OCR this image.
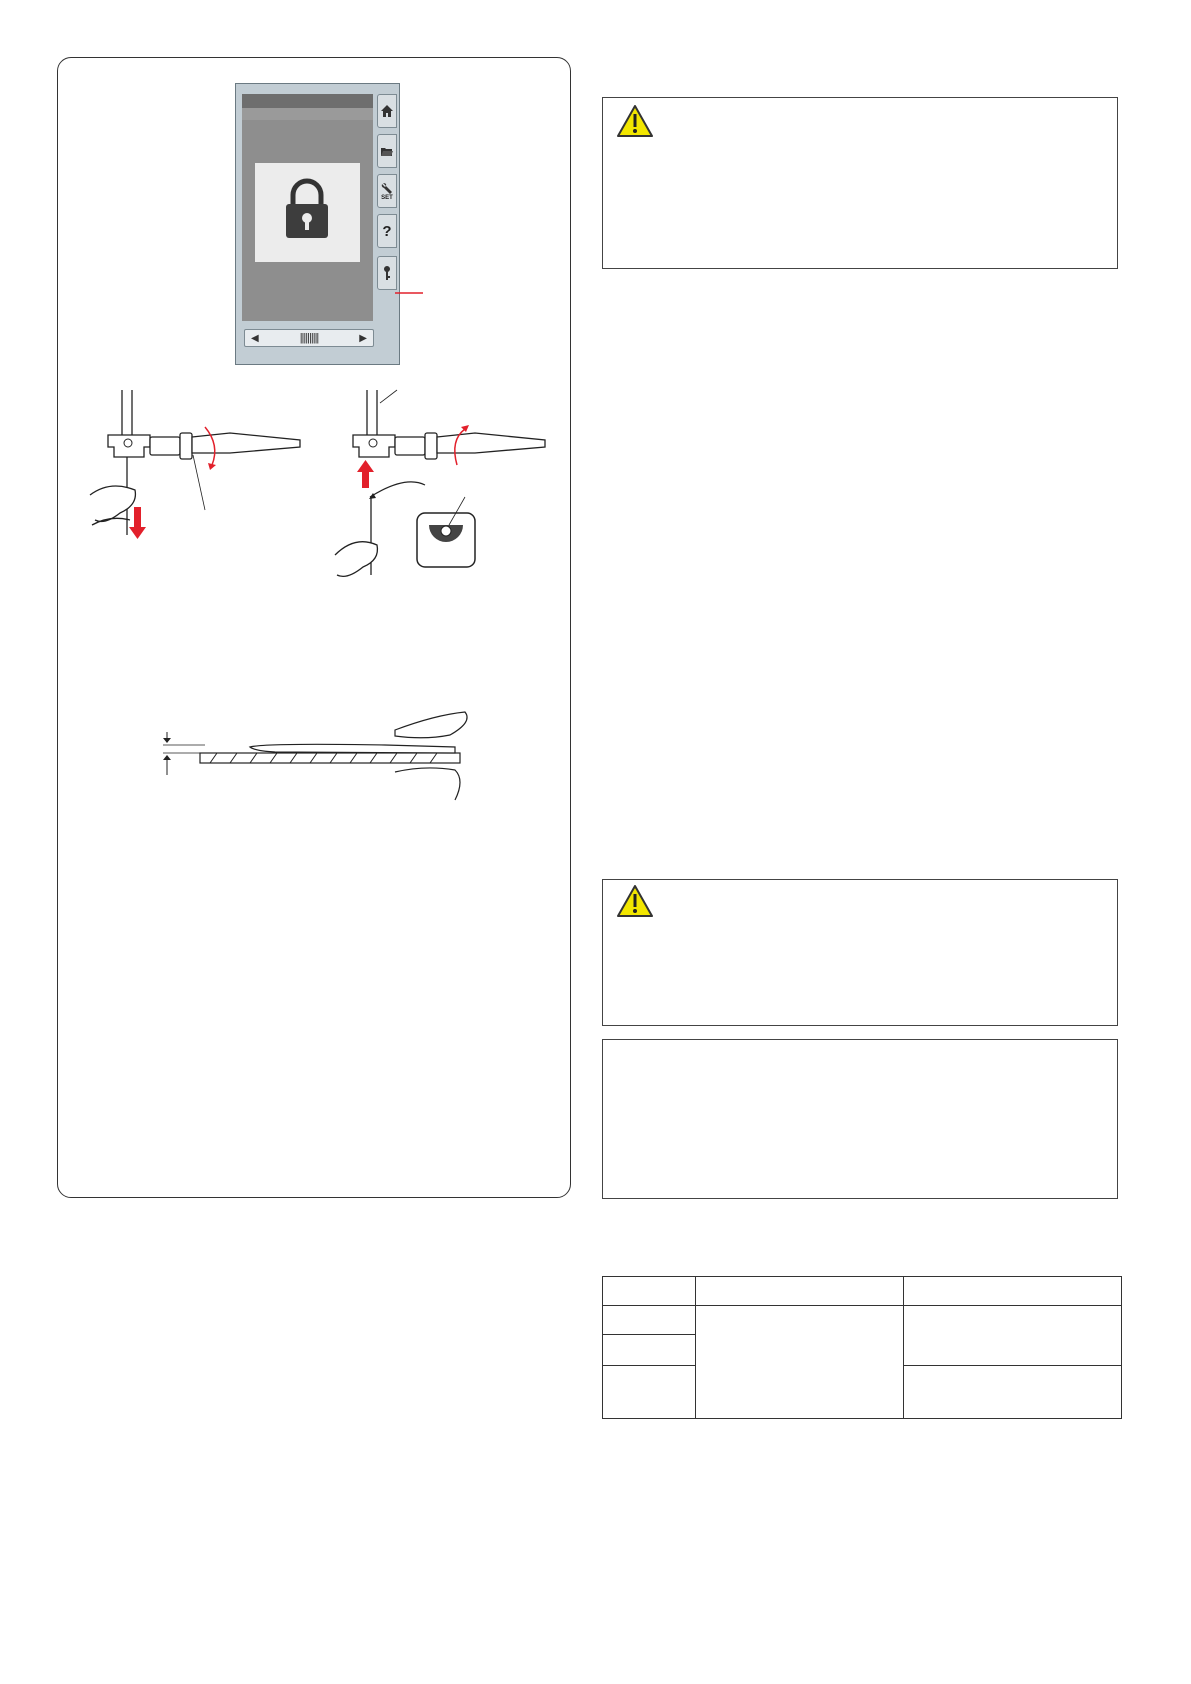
SET
?
◀	||||||||||	▶
